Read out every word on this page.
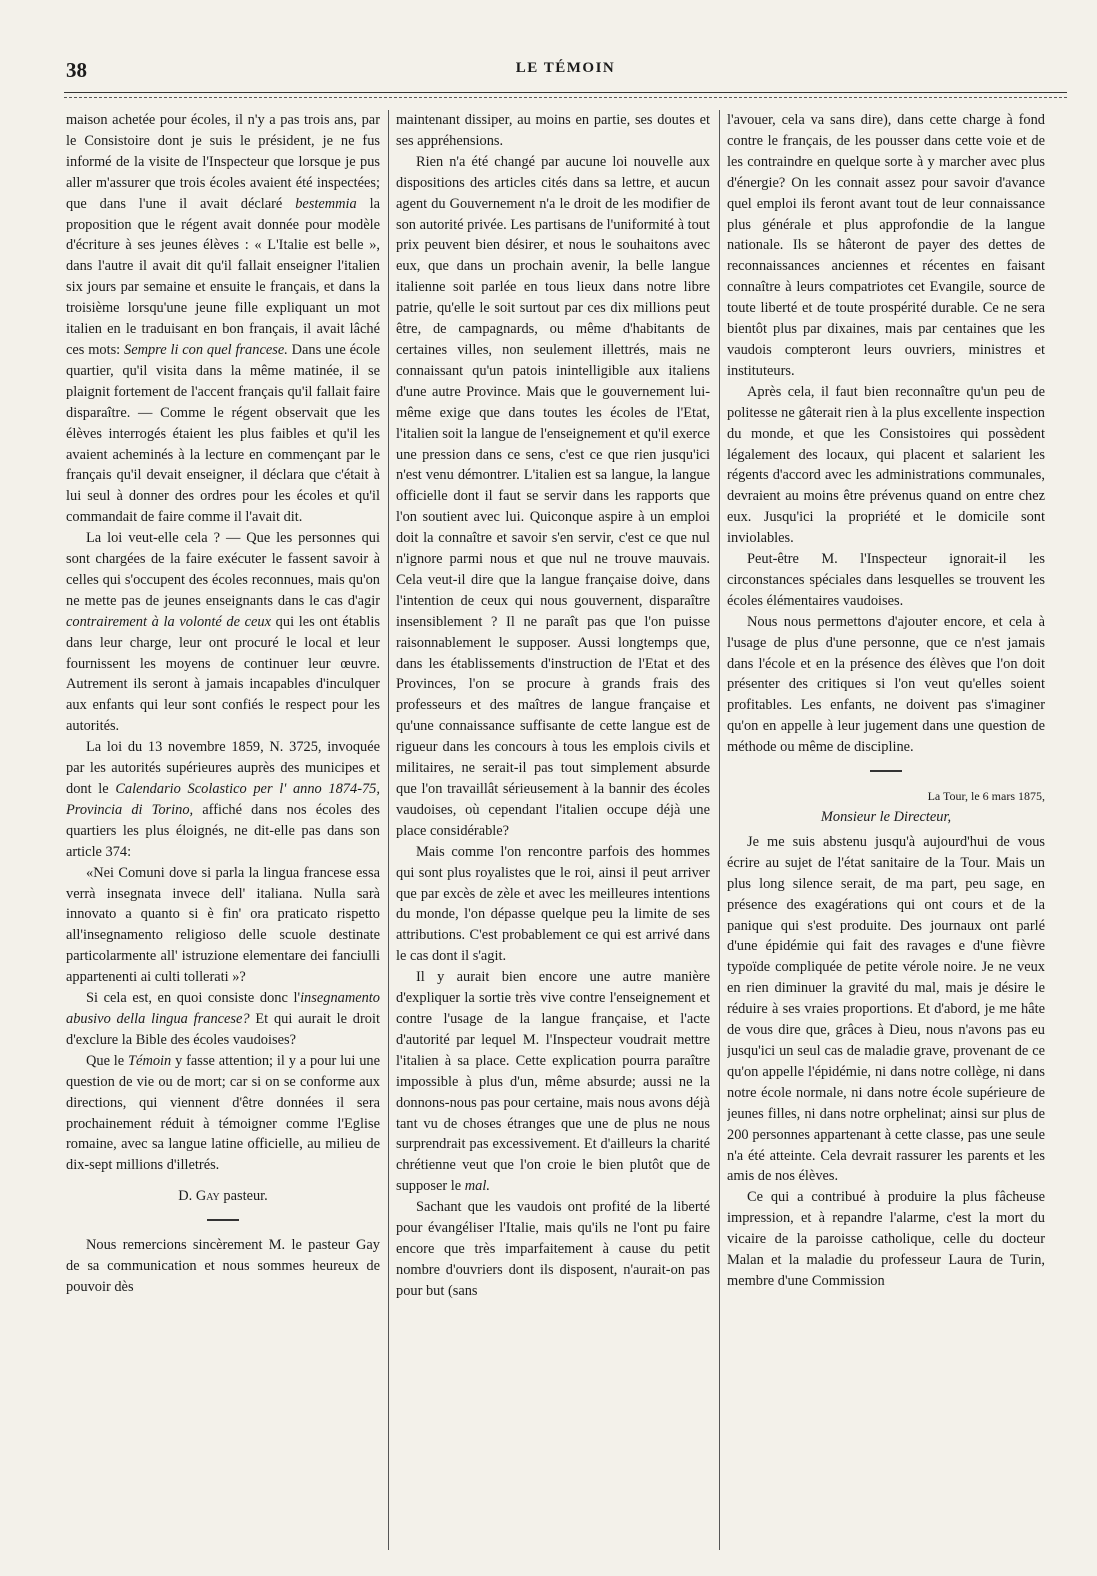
38	LE TÉMOIN

maison achetée pour écoles, il n'y a pas trois ans, par le Consistoire dont je suis le président, je ne fus informé de la visite de l'Inspecteur que lorsque je pus aller m'assurer que trois écoles avaient été inspectées; que dans l'une il avait déclaré bestemmia la proposition que le régent avait donnée pour modèle d'écriture à ses jeunes élèves : « L'Italie est belle », dans l'autre il avait dit qu'il fallait enseigner l'italien six jours par semaine et ensuite le français, et dans la troisième lorsqu'une jeune fille expliquant un mot italien en le traduisant en bon français, il avait lâché ces mots: Sempre li con quel francese. Dans une école quartier, qu'il visita dans la même matinée, il se plaignit fortement de l'accent français qu'il fallait faire disparaître. — Comme le régent observait que les élèves interrogés étaient les plus faibles et qu'il les avaient acheminés à la lecture en commençant par le français qu'il devait enseigner, il déclara que c'était à lui seul à donner des ordres pour les écoles et qu'il commandait de faire comme il l'avait dit.

La loi veut-elle cela ? — Que les personnes qui sont chargées de la faire exécuter le fassent savoir à celles qui s'occupent des écoles reconnues, mais qu'on ne mette pas de jeunes enseignants dans le cas d'agir contrairement à la volonté de ceux qui les ont établis dans leur charge, leur ont procuré le local et leur fournissent les moyens de continuer leur œuvre. Autrement ils seront à jamais incapables d'inculquer aux enfants qui leur sont confiés le respect pour les autorités.

La loi du 13 novembre 1859, N. 3725, invoquée par les autorités supérieures auprès des municipes et dont le Calendario Scolastico per l' anno 1874-75, Provincia di Torino, affiché dans nos écoles des quartiers les plus éloignés, ne dit-elle pas dans son article 374:

«Nei Comuni dove si parla la lingua francese essa verrà insegnata invece dell' italiana. Nulla sarà innovato a quanto si è fin' ora praticato rispetto all'insegnamento religioso delle scuole destinate particolarmente all' istruzione elementare dei fanciulli appartenenti ai culti tollerati »?

Si cela est, en quoi consiste donc l'insegnamento abusivo della lingua francese? Et qui aurait le droit d'exclure la Bible des écoles vaudoises?

Que le Témoin y fasse attention; il y a pour lui une question de vie ou de mort; car si on se conforme aux directions, qui viennent d'être données il sera prochainement réduit à témoigner comme l'Eglise romaine, avec sa langue latine officielle, au milieu de dix-sept millions d'illetrés.

D. Gay pasteur.

Nous remercions sincèrement M. le pasteur Gay de sa communication et nous sommes heureux de pouvoir dès

maintenant dissiper, au moins en partie, ses doutes et ses appréhensions.

Rien n'a été changé par aucune loi nouvelle aux dispositions des articles cités dans sa lettre, et aucun agent du Gouvernement n'a le droit de les modifier de son autorité privée. Les partisans de l'uniformité à tout prix peuvent bien désirer, et nous le souhaitons avec eux, que dans un prochain avenir, la belle langue italienne soit parlée en tous lieux dans notre libre patrie, qu'elle le soit surtout par ces dix millions peut être, de campagnards, ou même d'habitants de certaines villes, non seulement illettrés, mais ne connaissant qu'un patois inintelligible aux italiens d'une autre Province. Mais que le gouvernement lui-même exige que dans toutes les écoles de l'Etat, l'italien soit la langue de l'enseignement et qu'il exerce une pression dans ce sens, c'est ce que rien jusqu'ici n'est venu démontrer. L'italien est sa langue, la langue officielle dont il faut se servir dans les rapports que l'on soutient avec lui. Quiconque aspire à un emploi doit la connaître et savoir s'en servir, c'est ce que nul n'ignore parmi nous et que nul ne trouve mauvais. Cela veut-il dire que la langue française doive, dans l'intention de ceux qui nous gouvernent, disparaître insensiblement ? Il ne paraît pas que l'on puisse raisonnablement le supposer. Aussi longtemps que, dans les établissements d'instruction de l'Etat et des Provinces, l'on se procure à grands frais des professeurs et des maîtres de langue française et qu'une connaissance suffisante de cette langue est de rigueur dans les concours à tous les emplois civils et militaires, ne serait-il pas tout simplement absurde que l'on travaillât sérieusement à la bannir des écoles vaudoises, où cependant l'italien occupe déjà une place considérable?

Mais comme l'on rencontre parfois des hommes qui sont plus royalistes que le roi, ainsi il peut arriver que par excès de zèle et avec les meilleures intentions du monde, l'on dépasse quelque peu la limite de ses attributions. C'est probablement ce qui est arrivé dans le cas dont il s'agit.

Il y aurait bien encore une autre manière d'expliquer la sortie très vive contre l'enseignement et contre l'usage de la langue française, et l'acte d'autorité par lequel M. l'Inspecteur voudrait mettre l'italien à sa place. Cette explication pourra paraître impossible à plus d'un, même absurde; aussi ne la donnons-nous pas pour certaine, mais nous avons déjà tant vu de choses étranges que une de plus ne nous surprendrait pas excessivement. Et d'ailleurs la charité chrétienne veut que l'on croie le bien plutôt que de supposer le mal.

Sachant que les vaudois ont profité de la liberté pour évangéliser l'Italie, mais qu'ils ne l'ont pu faire encore que très imparfaitement à cause du petit nombre d'ouvriers dont ils disposent, n'aurait-on pas pour but (sans

l'avouer, cela va sans dire), dans cette charge à fond contre le français, de les pousser dans cette voie et de les contraindre en quelque sorte à y marcher avec plus d'énergie? On les connait assez pour savoir d'avance quel emploi ils feront avant tout de leur connaissance plus générale et plus approfondie de la langue nationale. Ils se hâteront de payer des dettes de reconnaissances anciennes et récentes en faisant connaître à leurs compatriotes cet Evangile, source de toute liberté et de toute prospérité durable. Ce ne sera bientôt plus par dixaines, mais par centaines que les vaudois compteront leurs ouvriers, ministres et instituteurs.

Après cela, il faut bien reconnaître qu'un peu de politesse ne gâterait rien à la plus excellente inspection du monde, et que les Consistoires qui possèdent légalement des locaux, qui placent et salarient les régents d'accord avec les administrations communales, devraient au moins être prévenus quand on entre chez eux. Jusqu'ici la propriété et le domicile sont inviolables.

Peut-être M. l'Inspecteur ignorait-il les circonstances spéciales dans lesquelles se trouvent les écoles élémentaires vaudoises.

Nous nous permettons d'ajouter encore, et cela à l'usage de plus d'une personne, que ce n'est jamais dans l'école et en la présence des élèves que l'on doit présenter des critiques si l'on veut qu'elles soient profitables. Les enfants, ne doivent pas s'imaginer qu'on en appelle à leur jugement dans une question de méthode ou même de discipline.

La Tour, le 6 mars 1875,

Monsieur le Directeur,

Je me suis abstenu jusqu'à aujourd'hui de vous écrire au sujet de l'état sanitaire de la Tour. Mais un plus long silence serait, de ma part, peu sage, en présence des exagérations qui ont cours et de la panique qui s'est produite. Des journaux ont parlé d'une épidémie qui fait des ravages e d'une fièvre typoïde compliquée de petite vérole noire. Je ne veux en rien diminuer la gravité du mal, mais je désire le réduire à ses vraies proportions. Et d'abord, je me hâte de vous dire que, grâces à Dieu, nous n'avons pas eu jusqu'ici un seul cas de maladie grave, provenant de ce qu'on appelle l'épidémie, ni dans notre collège, ni dans notre école normale, ni dans notre école supérieure de jeunes filles, ni dans notre orphelinat; ainsi sur plus de 200 personnes appartenant à cette classe, pas une seule n'a été atteinte. Cela devrait rassurer les parents et les amis de nos élèves.

Ce qui a contribué à produire la plus fâcheuse impression, et à repandre l'alarme, c'est la mort du vicaire de la paroisse catholique, celle du docteur Malan et la maladie du professeur Laura de Turin, membre d'une Commission
